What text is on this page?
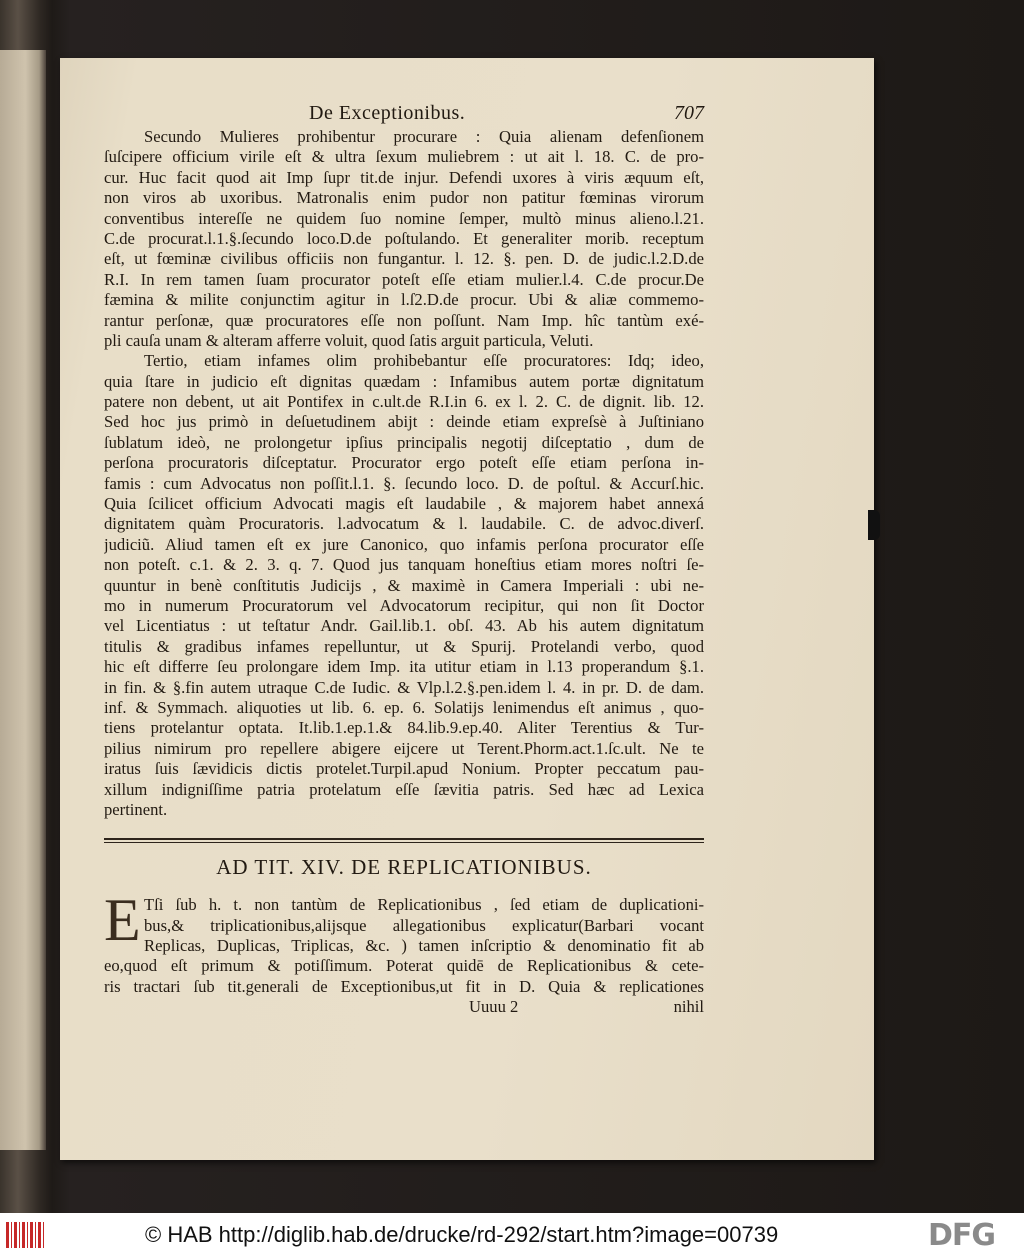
De Exceptionibus.	707
Secundo Mulieres prohibentur procurare : Quia alienam defenſionem
ſuſcipere officium virile eſt & ultra ſexum muliebrem : ut ait l. 18. C. de pro-
cur. Huc facit quod ait Imp ſupr tit.de injur. Defendi uxores à viris æquum eſt,
non viros ab uxoribus. Matronalis enim pudor non patitur fœminas virorum
conventibus intereſſe ne quidem ſuo nomine ſemper, multò minus alieno.l.21.
C.de procurat.l.1.§.ſecundo loco.D.de poſtulando. Et generaliter morib. receptum
eſt, ut fœminæ civilibus officiis non fungantur. l. 12. §. pen. D. de judic.l.2.D.de
R.I. In rem tamen ſuam procurator poteſt eſſe etiam mulier.l.4. C.de procur.De
fæmina & milite conjunctim agitur in l.ſ2.D.de procur. Ubi & aliæ commemo-
rantur perſonæ, quæ procuratores eſſe non poſſunt. Nam Imp. hîc tantùm exé-
pli cauſa unam & alteram afferre voluit, quod ſatis arguit particula, Veluti.
Tertio, etiam infames olim prohibebantur eſſe procuratores: Idq; ideo,
quia ſtare in judicio eſt dignitas quædam : Infamibus autem portæ dignitatum
patere non debent, ut ait Pontifex in c.ult.de R.I.in 6. ex l. 2. C. de dignit. lib. 12.
Sed hoc jus primò in deſuetudinem abijt : deinde etiam expreſsè à Juſtiniano
ſublatum ideò, ne prolongetur ipſius principalis negotij diſceptatio , dum de
perſona procuratoris diſceptatur. Procurator ergo poteſt eſſe etiam perſona in-
famis : cum Advocatus non poſſit.l.1. §. ſecundo loco. D. de poſtul. & Accurſ.hic.
Quia ſcilicet officium Advocati magis eſt laudabile , & majorem habet annexá
dignitatem quàm Procuratoris. l.advocatum & l. laudabile. C. de advoc.diverſ.
judiciũ. Aliud tamen eſt ex jure Canonico, quo infamis perſona procurator eſſe
non poteſt. c.1. & 2. 3. q. 7. Quod jus tanquam honeſtius etiam mores noſtri ſe-
quuntur in benè conſtitutis Judicijs , & maximè in Camera Imperiali : ubi ne-
mo in numerum Procuratorum vel Advocatorum recipitur, qui non ſit Doctor
vel Licentiatus : ut teſtatur Andr. Gail.lib.1. obſ. 43. Ab his autem dignitatum
titulis & gradibus infames repelluntur, ut & Spurij. Protelandi verbo, quod
hic eſt differre ſeu prolongare idem Imp. ita utitur etiam in l.13 properandum §.1.
in fin. & §.fin autem utraque C.de Iudic. & Vlp.l.2.§.pen.idem l. 4. in pr. D. de dam.
inf. & Symmach. aliquoties ut lib. 6. ep. 6. Solatijs lenimendus eſt animus , quo-
tiens protelantur optata. It.lib.1.ep.1.& 84.lib.9.ep.40. Aliter Terentius & Tur-
pilius nimirum pro repellere abigere eijcere ut Terent.Phorm.act.1.ſc.ult. Ne te
iratus ſuis ſævidicis dictis protelet.Turpil.apud Nonium. Propter peccatum pau-
xillum indigniſſime patria protelatum eſſe ſævitia patris. Sed hæc ad Lexica
pertinent.
AD TIT. XIV. DE REPLICATIONIBUS.
E Tſi ſub h. t. non tantùm de Replicationibus , ſed etiam de duplicationi-
bus,& triplicationibus,alijsque allegationibus explicatur(Barbari vocant
Replicas, Duplicas, Triplicas, &c. ) tamen inſcriptio & denominatio fit ab
eo,quod eſt primum & potiſſimum. Poterat quidē de Replicationibus & cete-
ris tractari ſub tit.generali de Exceptionibus,ut fit in D. Quia & replicationes
Uuuu 2	nihil
© HAB http://diglib.hab.de/drucke/rd-292/start.htm?image=00739	DFG
